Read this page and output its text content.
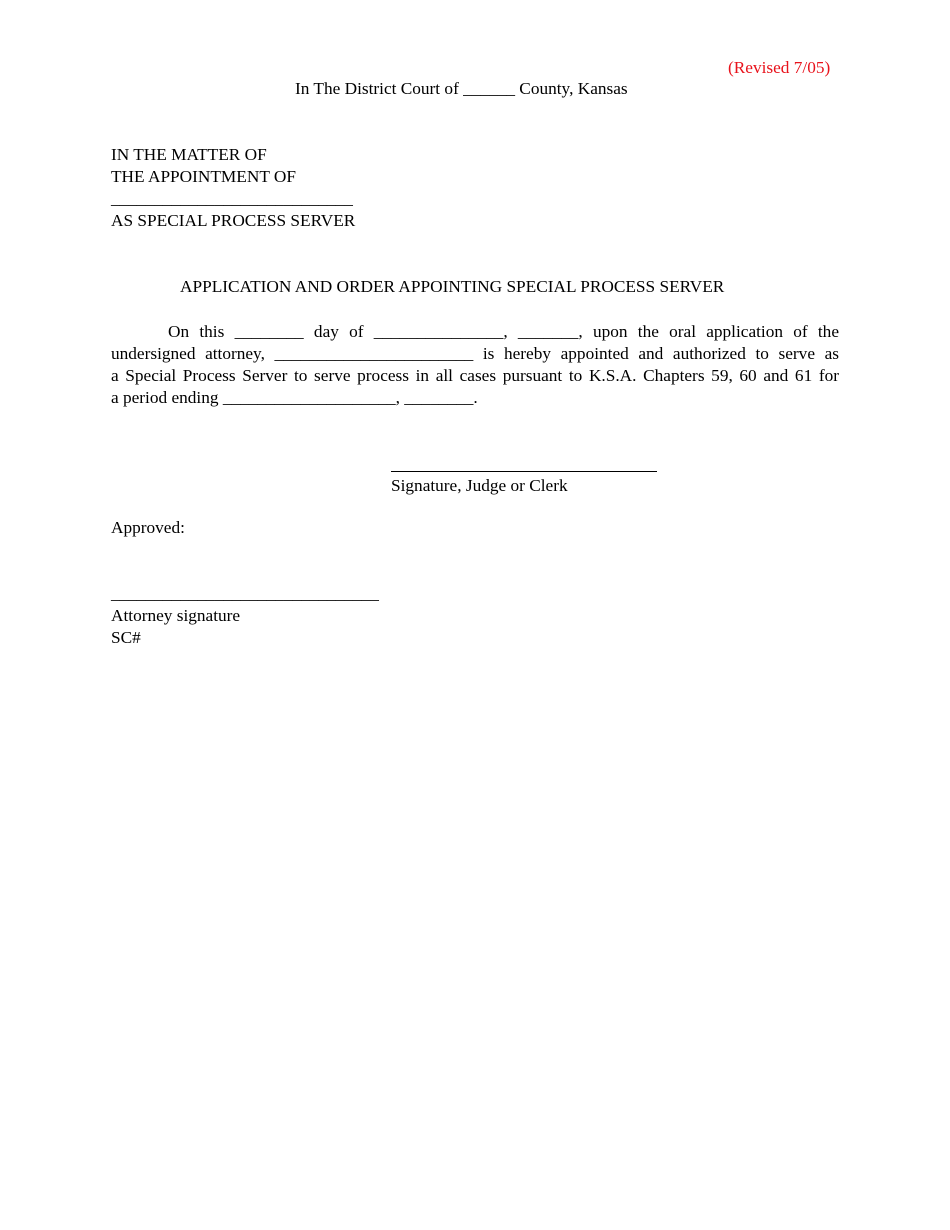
(Revised 7/05)
In The District Court of ______ County, Kansas
IN THE MATTER OF
THE APPOINTMENT OF
____________________________
AS SPECIAL PROCESS SERVER
APPLICATION AND ORDER APPOINTING SPECIAL PROCESS SERVER
On this ________ day of _______________, _______, upon the oral application of the
undersigned attorney, _______________________ is hereby appointed and authorized to serve as
a Special Process Server to serve process in all cases pursuant to K.S.A. Chapters 59, 60 and 61 for
a period ending ____________________, ________.
Signature, Judge or Clerk
Approved:
_______________________________
Attorney signature
SC#
